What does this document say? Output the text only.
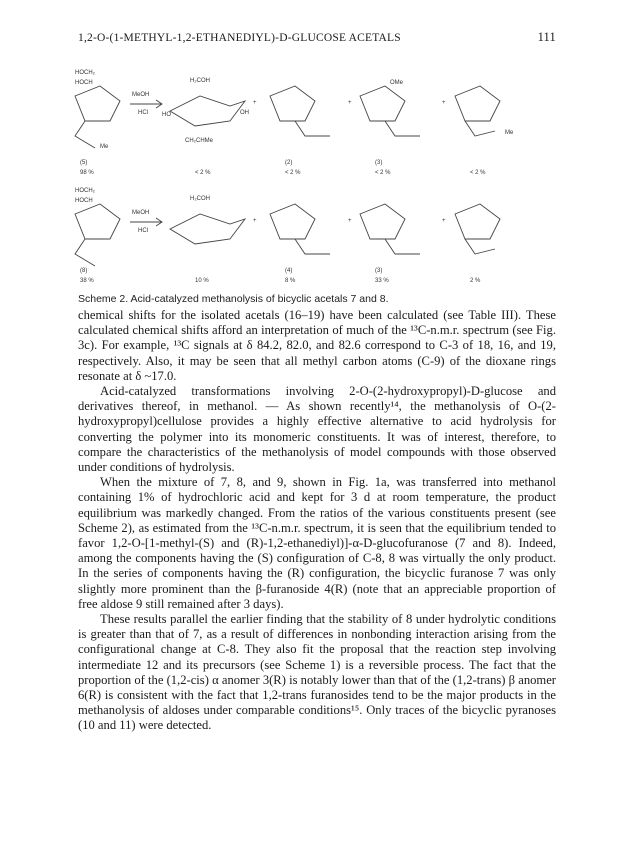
1,2-O-(1-METHYL-1,2-ETHANEDIYL)-D-GLUCOSE ACETALS	111
HOCH₂
HOCH	H₂COH
MeOH
HCl HO
OMe
+	+	+
OH
Me
Me
CH₂CHMe
(5)	(2)	(3)
98 %	< 2 %	< 2 %	< 2 %	< 2 %
HOCH₂
HOCH	H₂COH
MeOH
HCl
+	+	+
(8)	(4)	(3)
38 %	10 %	8 %	33 %	2 %
Scheme 2. Acid-catalyzed methanolysis of bicyclic acetals 7 and 8.

chemical shifts for the isolated acetals (16–19) have been calculated (see Table III). These calculated chemical shifts afford an interpretation of much of the ¹³C-n.m.r. spectrum (see Fig. 3c). For example, ¹³C signals at δ 84.2, 82.0, and 82.6 correspond to C-3 of 18, 16, and 19, respectively. Also, it may be seen that all methyl carbon atoms (C-9) of the dioxane rings resonate at δ ~17.0.

Acid-catalyzed transformations involving 2-O-(2-hydroxypropyl)-D-glucose and derivatives thereof, in methanol. — As shown recently¹⁴, the methanolysis of O-(2-hydroxypropyl)cellulose provides a highly effective alternative to acid hydrolysis for converting the polymer into its monomeric constituents. It was of interest, therefore, to compare the characteristics of the methanolysis of model compounds with those observed under conditions of hydrolysis.

When the mixture of 7, 8, and 9, shown in Fig. 1a, was transferred into methanol containing 1% of hydrochloric acid and kept for 3 d at room temperature, the product equilibrium was markedly changed. From the ratios of the various constituents present (see Scheme 2), as estimated from the ¹³C-n.m.r. spectrum, it is seen that the equilibrium tended to favor 1,2-O-[1-methyl-(S) and (R)-1,2-ethanediyl)]-α-D-glucofuranose (7 and 8). Indeed, among the components having the (S) configuration of C-8, 8 was virtually the only product. In the series of components having the (R) configuration, the bicyclic furanose 7 was only slightly more prominent than the β-furanoside 4(R) (note that an appreciable proportion of free aldose 9 still remained after 3 days).

These results parallel the earlier finding that the stability of 8 under hydrolytic conditions is greater than that of 7, as a result of differences in nonbonding interaction arising from the configurational change at C-8. They also fit the proposal that the reaction step involving intermediate 12 and its precursors (see Scheme 1) is a reversible process. The fact that the proportion of the (1,2-cis) α anomer 3(R) is notably lower than that of the (1,2-trans) β anomer 6(R) is consistent with the fact that 1,2-trans furanosides tend to be the major products in the methanolysis of aldoses under comparable conditions¹⁵. Only traces of the bicyclic pyranoses (10 and 11) were detected.
